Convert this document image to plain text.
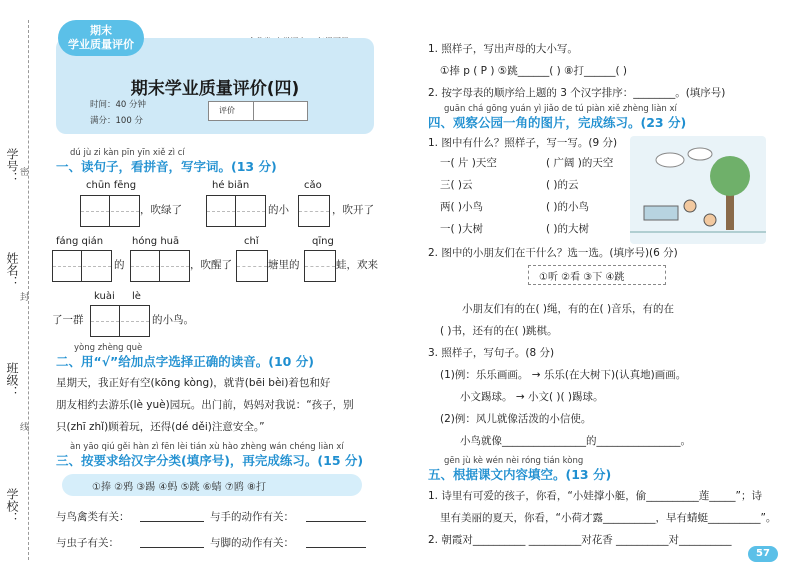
学号：
姓名：
班级：
学校：
密
封
线
期末
学业质量评价
期末学业质量评价(四)
时间：40 分钟
满分：100 分
评价
dú jù zi kàn pīn yīn xiě zì cí
一、读句子，看拼音，写字词。(13 分)
chūn fēng	hé biān	cǎo
，吹绿了	的小	，吹开了
fáng qián	hóng huā	chǐ	qīng
的	，吹醒了	塘里的	蛙，欢来
kuài lè
了一群	的小鸟。
yòng zhèng què
二、用“√”给加点字选择正确的读音。(10 分)
星期天，我正好有空(kōng kòng)，就背(bēi bèi)着包和好
朋友相约去游乐(lè yuè)园玩。出门前，妈妈对我说：“孩子，别
只(zhī zhǐ)顾着玩，还得(dé děi)注意安全。”
àn yāo qiú gěi hàn zì fēn lèi tián xù hào zhèng wán chéng liàn xí
三、按要求给汉字分类(填序号)，再完成练习。(15 分)
①捧 ②鸦 ③踢 ④蚂 ⑤跳 ⑥蜻 ⑦鸥 ⑧打
与鸟禽类有关：	与手的动作有关：
与虫子有关：	与脚的动作有关：
1. 照样子，写出声母的大小写。
①捧 p ( P ) ⑤跳______( ) ⑧打______( )
2. 按字母表的顺序给上题的 3 个汉字排序：________。(填序号)
guān chá gōng yuán yì jiǎo de tú piàn xiě zhèng liàn xí
四、观察公园一角的图片，完成练习。(23 分)
1. 图中有什么？照样子，写一写。(9 分)
一( 片 )天空	( 广阔 )的天空
三( )云	( )的云
两( )小鸟	( )的小鸟
一( )大树	( )的大树
2. 图中的小朋友们在干什么？选一选。(填序号)(6 分)
①听 ②看 ③下 ④跳
小朋友们有的在( )绳，有的在( )音乐，有的在
( )书，还有的在( )跳棋。
3. 照样子，写句子。(8 分)
(1)例：乐乐画画。 → 乐乐(在大树下)(认真地)画画。
小文踢球。 → 小文( )( )踢球。
(2)例：风儿就像活泼的小信使。
小鸟就像________________的________________。
gēn jù kè wén nèi róng tián kòng
五、根据课文内容填空。(13 分)
1. 诗里有可爱的孩子，你看，“小娃撑小艇，偷__________莲_____”；诗
里有美丽的夏天，你看，“小荷才露__________，早有蜻蜓__________”。
2. 朝霞对__________ __________对花香 __________对__________
57
